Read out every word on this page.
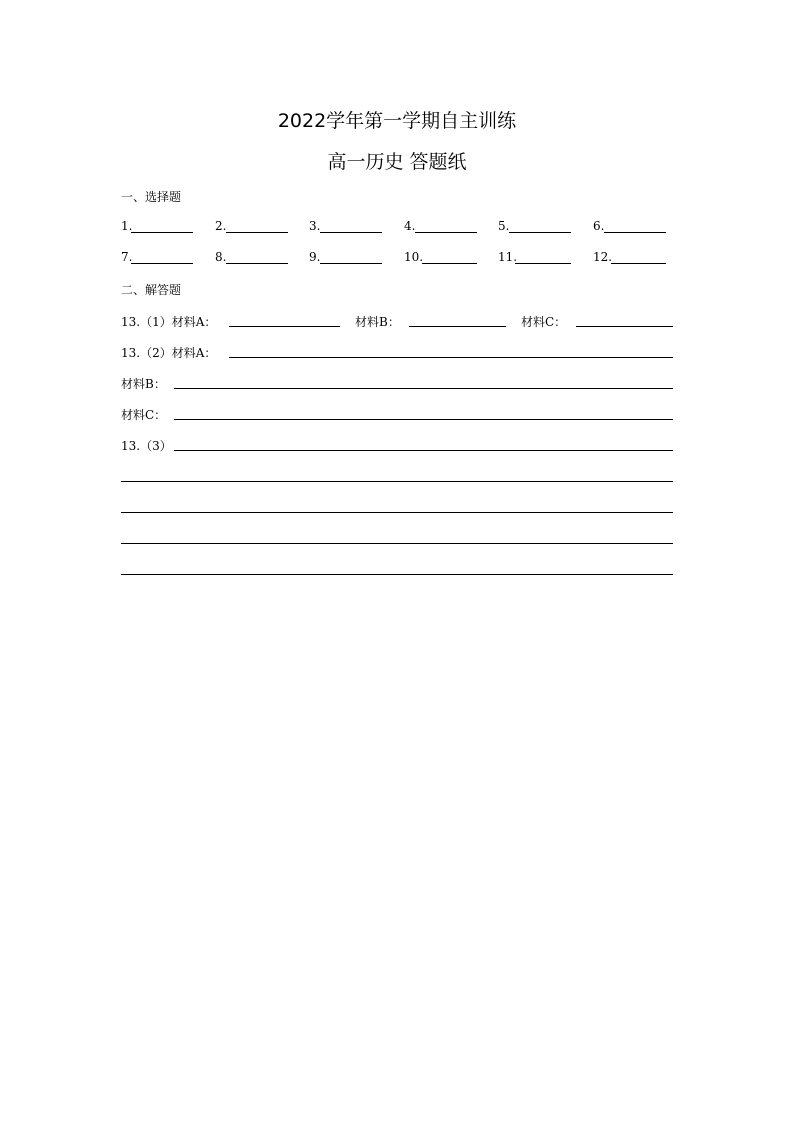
2022学年第一学期自主训练
高一历史 答题纸
一、选择题
1.	2.	3.	4.	5.	6.
7.	8.	9.	10.	11.	12.
二、解答题
13.（1）材料A：	材料B：	材料C：
13.（2）材料A：
材料B：
材料C：
13.（3）
